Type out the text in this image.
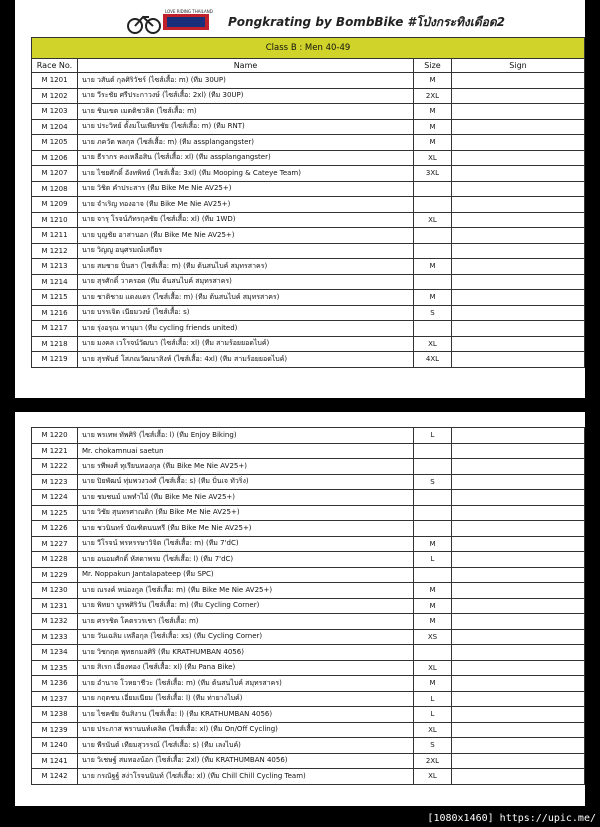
LOVE RIDING THAILAND
Pongkrating by BombBike #โป่งกระทิงเดือด2
Class B : Men 40-49			
Race No.	Name	Size	Sign
M 1201	นาย วสันต์ กุลศิริวัชร์ (ไซส์เสื้อ: m) (ทีม 30UP)	M	
M 1202	นาย วีระชัย ศรีประกาวงษ์ (ไซส์เสื้อ: 2xl) (ทีม 30UP)	2XL	
M 1203	นาย ชินเขต เมตติชวลิต (ไซส์เสื้อ: m)	M	
M 1204	นาย ประวิทย์ ตั้งมโนเพียรชัย (ไซส์เสื้อ: m) (ทีม RNT)	M	
M 1205	นาย ภควัต พลกุล (ไซส์เสื้อ: m) (ทีม assplangangster)	M	
M 1206	นาย ธีรากร คงเหลือสิน (ไซส์เสื้อ: xl) (ทีม assplangangster)	XL	
M 1207	นาย ไชยศักดิ์ อังทพิทย์ (ไซส์เสื้อ: 3xl) (ทีม Mooping & Cateye Team)	3XL	
M 1208	นาย วิชิต คำประสาร (ทีม Bike Me Nie AV25+)		
M 1209	นาย จำเริญ ทองอาจ (ทีม Bike Me Nie AV25+)		
M 1210	นาย จารุ โรจน์ภัทรกุลชัย (ไซส์เสื้อ: xl) (ทีม 1WD)	XL	
M 1211	นาย บุญชัย อาสานอก (ทีม Bike Me Nie AV25+)		
M 1212	นาย วิญญู อนุศรมณ์เสถียร		
M 1213	นาย สมชาย ปิ่นสา (ไซส์เสื้อ: m) (ทีม ต้นสนไบค์ สมุทรสาคร)	M	
M 1214	นาย สุรศักดิ์ วาครอด (ทีม ต้นสนไบค์ สมุทรสาคร)		
M 1215	นาย ชาติชาย แดงแดร (ไซส์เสื้อ: m) (ทีม ต้นสนไบค์ สมุทรสาคร)	M	
M 1216	นาย บรรเจิด เนียมวงษ์ (ไซส์เสื้อ: s)	S	
M 1217	นาย รุ่งอรุณ ทานุมา (ทีม cycling friends united)		
M 1218	นาย มงคล เวโรจน์วัฒนา (ไซส์เสื้อ: xl) (ทีม สามร้อยยอดไบค์)	XL	
M 1219	นาย สุรพันธ์ โสภณวัฒนาสิงห์ (ไซส์เสื้อ: 4xl) (ทีม สามร้อยยอดไบค์)	4XL	
M 1220	นาย พรเทพ ทัพศิริ (ไซส์เสื้อ: l) (ทีม Enjoy Biking)	L	
M 1221	Mr. chokamnuai saetun		
M 1222	นาย รพีพงศ์ ทุเรียนทองกุล (ทีม Bike Me Nie AV25+)		
M 1223	นาย ปิยพัฒน์ ทุ่มพวงวงศ์ (ไซส์เสื้อ: s) (ทีม ปั่นเจ ทัวริ่ง)	S	
M 1224	นาย ชมชนม์ แพทำไม้ (ทีม Bike Me Nie AV25+)		
M 1225	นาย วิชัย สุนทรศาณติก (ทีม Bike Me Nie AV25+)		
M 1226	นาย ชวนินทร์ บัณฑิตนนทรี (ทีม Bike Me Nie AV25+)		
M 1227	นาย วีโรจน์ พรหรรษาวิจิต (ไซส์เสื้อ: m) (ทีม 7'dC)	M	
M 1228	นาย อนอมศักดิ์ หัสดาพรม (ไซส์เสื้อ: l) (ทีม 7'dC)	L	
M 1229	Mr. Noppakun Jantalapateep (ทีม SPC)		
M 1230	นาย ณรงค์ หน่องกูล (ไซส์เสื้อ: m) (ทีม Bike Me Nie AV25+)	M	
M 1231	นาย พิทยา บูรพศิริวัน (ไซส์เสื้อ: m) (ทีม Cycling Corner)	M	
M 1232	นาย ศรรชิต โคตรวรเชา (ไซส์เสื้อ: m)	M	
M 1233	นาย วันเฉลิม เหลือกุล (ไซส์เสื้อ: xs) (ทีม Cycling Corner)	XS	
M 1234	นาย วิชกฤต พุทธกมลศิริ (ทีม KRATHUMBAN 4056)		
M 1235	นาย สิเรก เอี่ยงทอง (ไซส์เสื้อ: xl) (ทีม Pana Bike)	XL	
M 1236	นาย อำนาจ โวหยาชีวะ (ไซส์เสื้อ: m) (ทีม ต้นสนไบค์ สมุทรสาคร)	M	
M 1237	นาย กฤตชน เอี่ยมเนียม (ไซส์เสื้อ: l) (ทีม ท่ายางไบค์)	L	
M 1238	นาย ไชคชัย จันสิงาน (ไซส์เสื้อ: l) (ทีม KRATHUMBAN 4056)	L	
M 1239	นาย ประภาส พรานนท์เคลิด (ไซส์เสื้อ: xl) (ทีม On/Off Cycling)	XL	
M 1240	นาย พีรนันต์ เทียมสุวรรณ์ (ไซส์เสื้อ: s) (ทีม เลงไบค์)	S	
M 1241	นาย วิเชษฐ์ สมทองน้อก (ไซส์เสื้อ: 2xl) (ทีม KRATHUMBAN 4056)	2XL	
M 1242	นาย กรณัฐฐ์ สง่าโรจนนินท์ (ไซส์เสื้อ: xl) (ทีม Chill Chill Cycling Team)	XL	
[1080x1460] https://upic.me/
